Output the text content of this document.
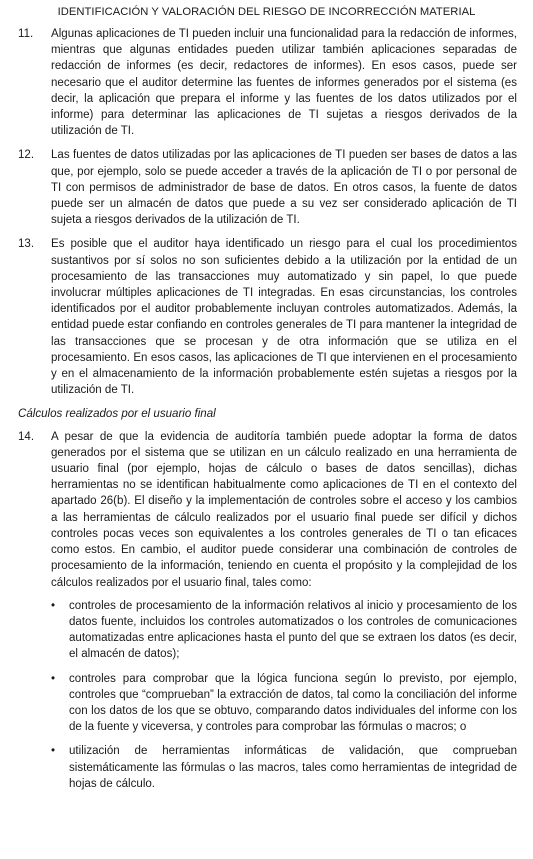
IDENTIFICACIÓN Y VALORACIÓN DEL RIESGO DE INCORRECCIÓN MATERIAL
11.	Algunas aplicaciones de TI pueden incluir una funcionalidad para la redacción de informes, mientras que algunas entidades pueden utilizar también aplicaciones separadas de redacción de informes (es decir, redactores de informes). En esos casos, puede ser necesario que el auditor determine las fuentes de informes generados por el sistema (es decir, la aplicación que prepara el informe y las fuentes de los datos utilizados por el informe) para determinar las aplicaciones de TI sujetas a riesgos derivados de la utilización de TI.
12.	Las fuentes de datos utilizadas por las aplicaciones de TI pueden ser bases de datos a las que, por ejemplo, solo se puede acceder a través de la aplicación de TI o por personal de TI con permisos de administrador de base de datos. En otros casos, la fuente de datos puede ser un almacén de datos que puede a su vez ser considerado aplicación de TI sujeta a riesgos derivados de la utilización de TI.
13.	Es posible que el auditor haya identificado un riesgo para el cual los procedimientos sustantivos por sí solos no son suficientes debido a la utilización por la entidad de un procesamiento de las transacciones muy automatizado y sin papel, lo que puede involucrar múltiples aplicaciones de TI integradas. En esas circunstancias, los controles identificados por el auditor probablemente incluyan controles automatizados. Además, la entidad puede estar confiando en controles generales de TI para mantener la integridad de las transacciones que se procesan y de otra información que se utiliza en el procesamiento. En esos casos, las aplicaciones de TI que intervienen en el procesamiento y en el almacenamiento de la información probablemente estén sujetas a riesgos por la utilización de TI.
Cálculos realizados por el usuario final
14.	A pesar de que la evidencia de auditoría también puede adoptar la forma de datos generados por el sistema que se utilizan en un cálculo realizado en una herramienta de usuario final (por ejemplo, hojas de cálculo o bases de datos sencillas), dichas herramientas no se identifican habitualmente como aplicaciones de TI en el contexto del apartado 26(b). El diseño y la implementación de controles sobre el acceso y los cambios a las herramientas de cálculo realizados por el usuario final puede ser difícil y dichos controles pocas veces son equivalentes a los controles generales de TI o tan eficaces como estos. En cambio, el auditor puede considerar una combinación de controles de procesamiento de la información, teniendo en cuenta el propósito y la complejidad de los cálculos realizados por el usuario final, tales como:
•	controles de procesamiento de la información relativos al inicio y procesamiento de los datos fuente, incluidos los controles automatizados o los controles de comunicaciones automatizadas entre aplicaciones hasta el punto del que se extraen los datos (es decir, el almacén de datos);
•	controles para comprobar que la lógica funciona según lo previsto, por ejemplo, controles que “comprueban” la extracción de datos, tal como la conciliación del informe con los datos de los que se obtuvo, comparando datos individuales del informe con los de la fuente y viceversa, y controles para comprobar las fórmulas o macros; o
•	utilización de herramientas informáticas de validación, que comprueban sistemáticamente las fórmulas o las macros, tales como herramientas de integridad de hojas de cálculo.
